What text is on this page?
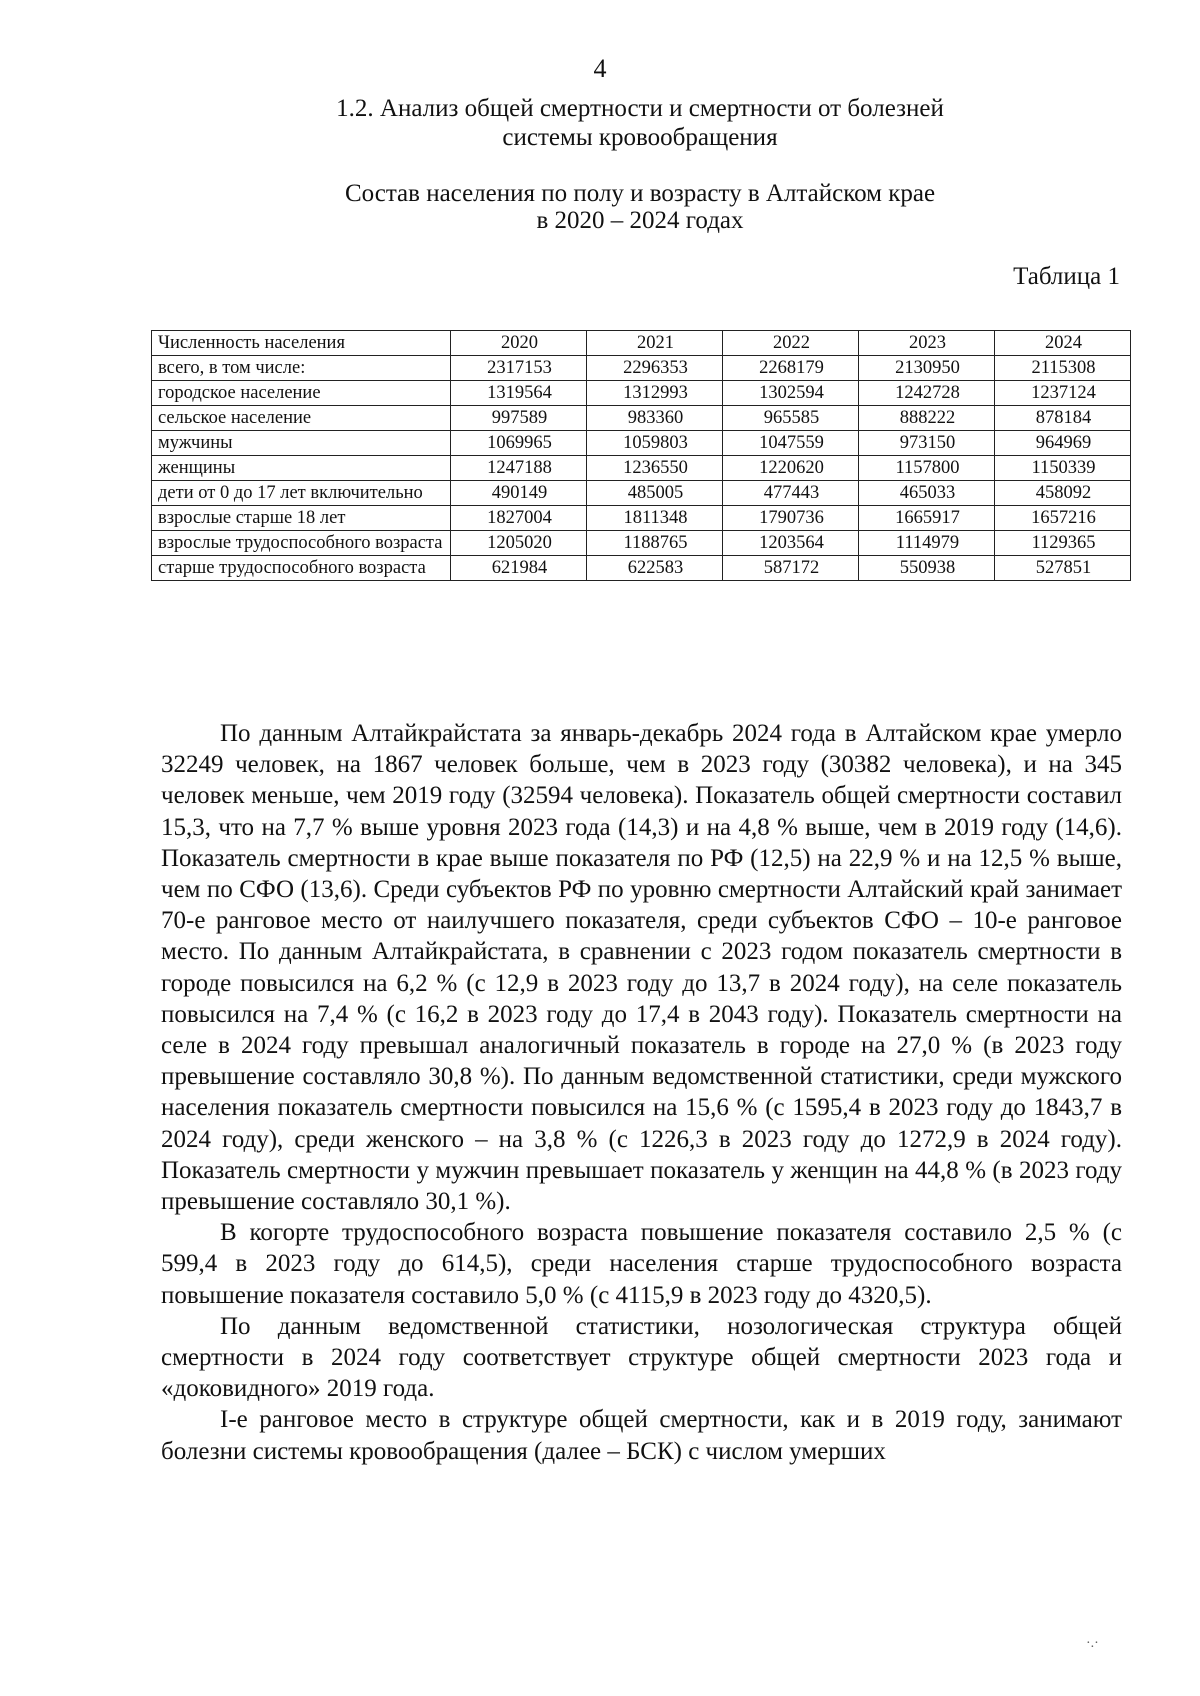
4
1.2. Анализ общей смертности и смертности от болезней
системы кровообращения
Состав населения по полу и возрасту в Алтайском крае
в 2020 – 2024 годах
Таблица 1
Численность населения	2020	2021	2022	2023	2024
всего, в том числе:	2317153	2296353	2268179	2130950	2115308
городское население	1319564	1312993	1302594	1242728	1237124
сельское население	997589	983360	965585	888222	878184
мужчины	1069965	1059803	1047559	973150	964969
женщины	1247188	1236550	1220620	1157800	1150339
дети от 0 до 17 лет включительно	490149	485005	477443	465033	458092
взрослые старше 18 лет	1827004	1811348	1790736	1665917	1657216
взрослые трудоспособного возраста	1205020	1188765	1203564	1114979	1129365
старше трудоспособного возраста	621984	622583	587172	550938	527851

По данным Алтайкрайстата за январь-декабрь 2024 года в Алтайском крае умерло 32249 человек, на 1867 человек больше, чем в 2023 году (30382 человека), и на 345 человек меньше, чем 2019 году (32594 человека). Показатель общей смертности составил 15,3, что на 7,7 % выше уровня 2023 года (14,3) и на 4,8 % выше, чем в 2019 году (14,6). Показатель смертности в крае выше показателя по РФ (12,5) на 22,9 % и на 12,5 % выше, чем по СФО (13,6). Среди субъектов РФ по уровню смертности Алтайский край занимает 70-е ранговое место от наилучшего показателя, среди субъектов СФО – 10-е ранговое место. По данным Алтайкрайстата, в сравнении с 2023 годом показатель смертности в городе повысился на 6,2 % (с 12,9 в 2023 году до 13,7 в 2024 году), на селе показатель повысился на 7,4 % (с 16,2 в 2023 году до 17,4 в 2043 году). Показатель смертности на селе в 2024 году превышал аналогичный показатель в городе на 27,0 % (в 2023 году превышение составляло 30,8 %). По данным ведомственной статистики, среди мужского населения показатель смертности повысился на 15,6 % (с 1595,4 в 2023 году до 1843,7 в 2024 году), среди женского – на 3,8 % (с 1226,3 в 2023 году до 1272,9 в 2024 году). Показатель смертности у мужчин превышает показатель у женщин на 44,8 % (в 2023 году превышение составляло 30,1 %).

В когорте трудоспособного возраста повышение показателя составило 2,5 % (с 599,4 в 2023 году до 614,5), среди населения старше трудоспособного возраста повышение показателя составило 5,0 % (с 4115,9 в 2023 году до 4320,5).

По данным ведомственной статистики, нозологическая структура общей смертности в 2024 году соответствует структуре общей смертности 2023 года и «доковидного» 2019 года.

I-е ранговое место в структуре общей смертности, как и в 2019 году, занимают болезни системы кровообращения (далее – БСК) с числом умерших

·.·
